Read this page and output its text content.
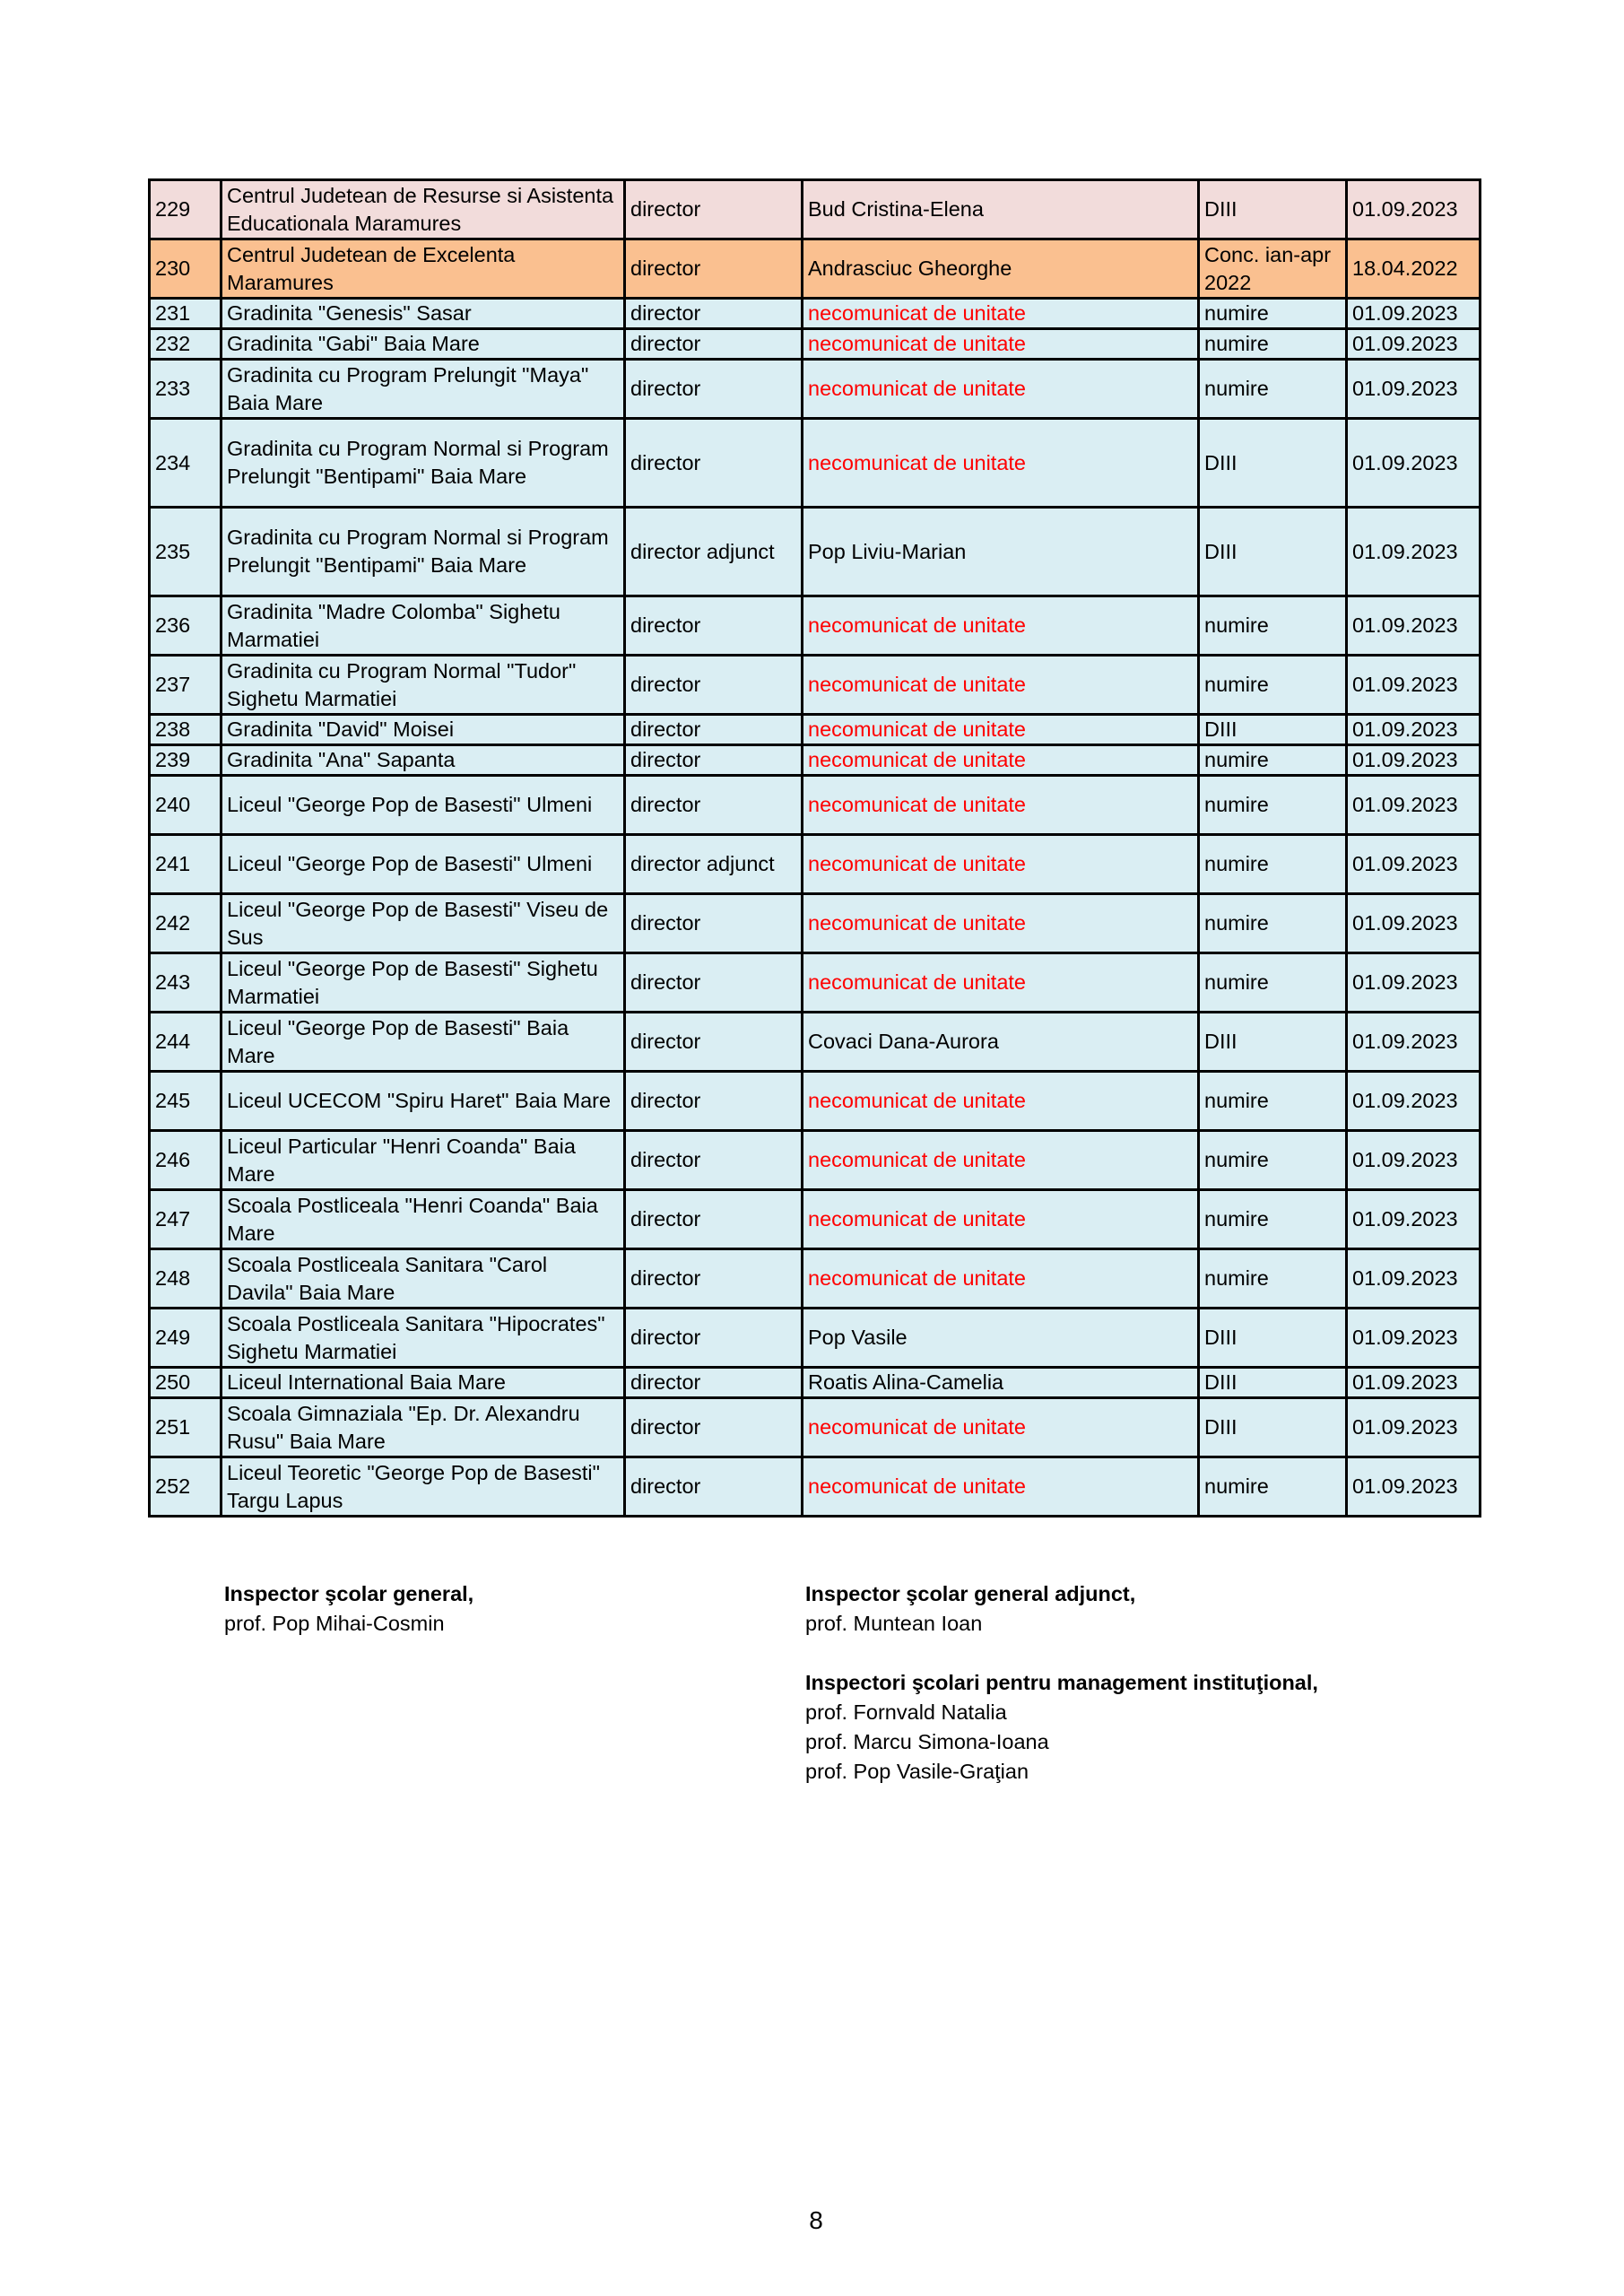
229	Centrul Judetean de Resurse si Asistenta Educationala Maramures	director	Bud Cristina-Elena	DIII	01.09.2023
230	Centrul Judetean de Excelenta Maramures	director	Andrasciuc Gheorghe	Conc. ian-apr 2022	18.04.2022
231	Gradinita "Genesis" Sasar	director	necomunicat de unitate	numire	01.09.2023
232	Gradinita "Gabi" Baia Mare	director	necomunicat de unitate	numire	01.09.2023
233	Gradinita cu Program Prelungit "Maya" Baia Mare	director	necomunicat de unitate	numire	01.09.2023
234	Gradinita cu Program Normal si Program Prelungit "Bentipami" Baia Mare	director	necomunicat de unitate	DIII	01.09.2023
235	Gradinita cu Program Normal si Program Prelungit "Bentipami" Baia Mare	director adjunct	Pop Liviu-Marian	DIII	01.09.2023
236	Gradinita "Madre Colomba" Sighetu Marmatiei	director	necomunicat de unitate	numire	01.09.2023
237	Gradinita cu Program Normal "Tudor" Sighetu Marmatiei	director	necomunicat de unitate	numire	01.09.2023
238	Gradinita "David" Moisei	director	necomunicat de unitate	DIII	01.09.2023
239	Gradinita "Ana" Sapanta	director	necomunicat de unitate	numire	01.09.2023
240	Liceul "George Pop de Basesti" Ulmeni	director	necomunicat de unitate	numire	01.09.2023
241	Liceul "George Pop de Basesti" Ulmeni	director adjunct	necomunicat de unitate	numire	01.09.2023
242	Liceul "George Pop de Basesti" Viseu de Sus	director	necomunicat de unitate	numire	01.09.2023
243	Liceul "George Pop de Basesti" Sighetu Marmatiei	director	necomunicat de unitate	numire	01.09.2023
244	Liceul "George Pop de Basesti" Baia Mare	director	Covaci Dana-Aurora	DIII	01.09.2023
245	Liceul UCECOM "Spiru Haret" Baia Mare	director	necomunicat de unitate	numire	01.09.2023
246	Liceul Particular "Henri Coanda" Baia Mare	director	necomunicat de unitate	numire	01.09.2023
247	Scoala Postliceala "Henri Coanda" Baia Mare	director	necomunicat de unitate	numire	01.09.2023
248	Scoala Postliceala Sanitara "Carol Davila" Baia Mare	director	necomunicat de unitate	numire	01.09.2023
249	Scoala Postliceala Sanitara "Hipocrates" Sighetu Marmatiei	director	Pop Vasile	DIII	01.09.2023
250	Liceul International Baia Mare	director	Roatis Alina-Camelia	DIII	01.09.2023
251	Scoala Gimnaziala "Ep. Dr. Alexandru Rusu" Baia Mare	director	necomunicat de unitate	DIII	01.09.2023
252	Liceul Teoretic "George Pop de Basesti" Targu Lapus	director	necomunicat de unitate	numire	01.09.2023
Inspector şcolar general,
prof. Pop Mihai-Cosmin
Inspector şcolar general adjunct,
prof. Muntean Ioan
Inspectori şcolari pentru management instituţional,
prof. Fornvald Natalia
prof. Marcu Simona-Ioana
prof. Pop Vasile-Graţian
8
